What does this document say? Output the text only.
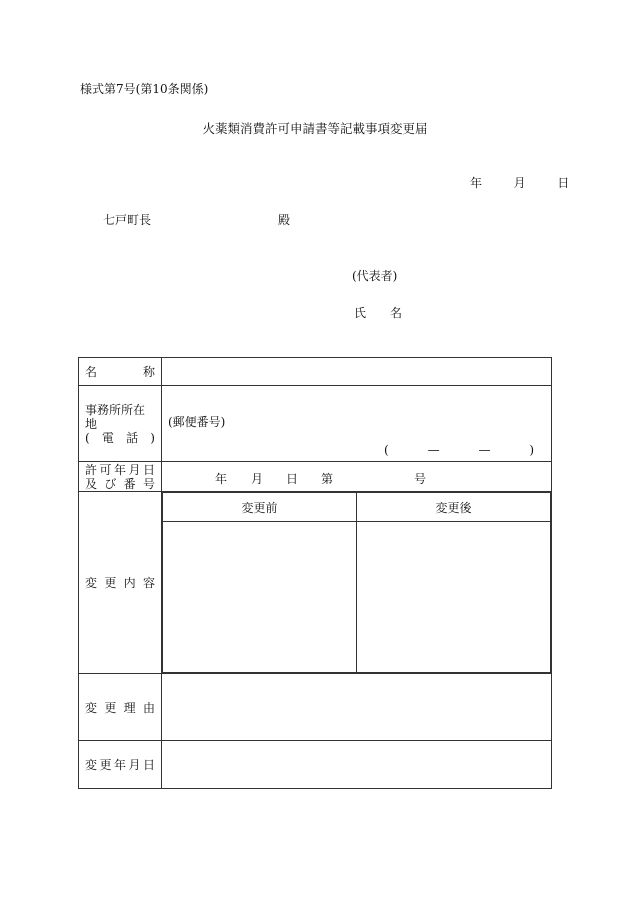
様式第7号(第10条関係)
火薬類消費許可申請書等記載事項変更届
年	月	日
七戸町長	殿
(代表者)
氏 名
名	称

事務所所在地
( 電 話 )

(郵便番号)
(	—	—	)

許 可 年 月 日
及 び 番 号	年 月 日 第	号

変 更 内 容

変更前	変更後

変 更 理 由

変 更 年 月 日
